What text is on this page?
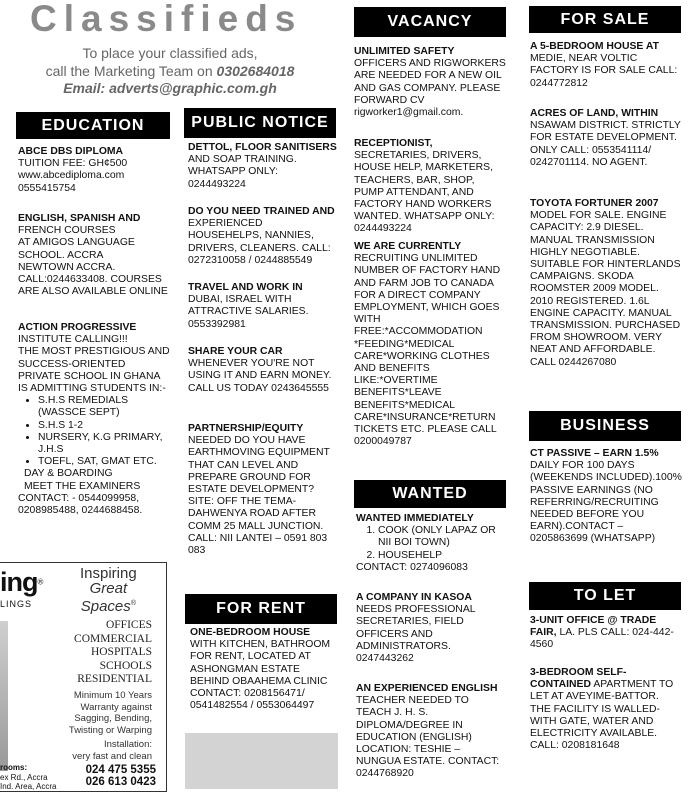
Classifieds
To place your classified ads,
call the Marketing Team on 0302684018
Email: adverts@graphic.com.gh
EDUCATION

ABCE DBS DIPLOMA

TUITION FEE: GH¢500

www.abcediploma.com

0555415754

ENGLISH, SPANISH AND

FRENCH COURSES

AT AMIGOS LANGUAGE

SCHOOL. ACCRA

NEWTOWN ACCRA.

CALL:0244633408. COURSES

ARE ALSO AVAILABLE ONLINE

ACTION PROGRESSIVE

INSTITUTE CALLING!!!

THE MOST PRESTIGIOUS AND

SUCCESS-ORIENTED

PRIVATE SCHOOL IN GHANA

IS ADMITTING STUDENTS IN:-

• S.H.S REMEDIALS (WASSCE SEPT)
• S.H.S 1-2
• NURSERY, K.G PRIMARY, J.H.S
• TOEFL, SAT, GMAT ETC.

DAY & BOARDING

MEET THE EXAMINERS

CONTACT: - 0544099958,

0208985488, 0244688458.

ing®
LINGS
Inspiring
Great
Spaces®
OFFICES
COMMERCIAL
HOSPITALS
SCHOOLS
RESIDENTIAL
Minimum 10 Years
Warranty against
Sagging, Bending,
Twisting or Warping
Installation:
very fast and clean
rooms:
ex Rd., Accra
Ind. Area, Accra
024 475 5355
026 613 0423
PUBLIC NOTICE
DETTOL, FLOOR SANITISERS AND SOAP TRAINING. WHATSAPP ONLY: 0244493224
DO YOU NEED TRAINED AND EXPERIENCED HOUSEHELPS, NANNIES, DRIVERS, CLEANERS. CALL: 0272310058 / 0244885549

TRAVEL AND WORK IN

DUBAI, ISRAEL WITH ATTRACTIVE SALARIES. 0553392981

SHARE YOUR CAR

WHENEVER YOU'RE NOT USING IT AND EARN MONEY. CALL US TODAY 0243645555

PARTNERSHIP/EQUITY

NEEDED DO YOU HAVE EARTHMOVING EQUIPMENT THAT CAN LEVEL AND PREPARE GROUND FOR ESTATE DEVELOPMENT? SITE: OFF THE TEMA-DAHWENYA ROAD AFTER COMM 25 MALL JUNCTION. CALL: NII LANTEI – 0591 803 083

FOR RENT

ONE-BEDROOM HOUSE

WITH KITCHEN, BATHROOM FOR RENT, LOCATED AT ASHONGMAN ESTATE BEHIND OBAAHEMA CLINIC CONTACT: 0208156471/ 0541482554 / 0553064497

VACANCY

UNLIMITED SAFETY

OFFICERS AND RIGWORKERS ARE NEEDED FOR A NEW OIL AND GAS COMPANY. PLEASE FORWARD CV

rigworker1@gmail.com.

RECEPTIONIST,

SECRETARIES, DRIVERS, HOUSE HELP, MARKETERS, TEACHERS, BAR, SHOP, PUMP ATTENDANT, AND FACTORY HAND WORKERS WANTED. WHATSAPP ONLY: 0244493224

WE ARE CURRENTLY

RECRUITING UNLIMITED NUMBER OF FACTORY HAND AND FARM JOB TO CANADA FOR A DIRECT COMPANY EMPLOYMENT, WHICH GOES WITH FREE:*ACCOMMODATION *FEEDING*MEDICAL CARE*WORKING CLOTHES AND BENEFITS LIKE:*OVERTIME BENEFITS*LEAVE BENEFITS*MEDICAL CARE*INSURANCE*RETURN TICKETS ETC. PLEASE CALL 0200049787

WANTED

WANTED IMMEDIATELY

1. COOK (ONLY LAPAZ OR NII BOI TOWN)
2. HOUSEHELP

CONTACT: 0274096083

A COMPANY IN KASOA

NEEDS PROFESSIONAL SECRETARIES, FIELD OFFICERS AND ADMINISTRATORS. 0247443262

AN EXPERIENCED ENGLISH

TEACHER NEEDED TO TEACH J. H. S. DIPLOMA/DEGREE IN EDUCATION (ENGLISH) LOCATION: TESHIE – NUNGUA ESTATE. CONTACT: 0244768920

FOR SALE

A 5-BEDROOM HOUSE AT

MEDIE, NEAR VOLTIC FACTORY IS FOR SALE CALL: 0244772812

ACRES OF LAND, WITHIN

NSAWAM DISTRICT. STRICTLY FOR ESTATE DEVELOPMENT. ONLY CALL: 0553541114/ 0242701114. NO AGENT.

TOYOTA FORTUNER 2007

MODEL FOR SALE. ENGINE CAPACITY: 2.9 DIESEL. MANUAL TRANSMISSION HIGHLY NEGOTIABLE. SUITABLE FOR HINTERLANDS CAMPAIGNS. SKODA ROOMSTER 2009 MODEL. 2010 REGISTERED. 1.6L ENGINE CAPACITY. MANUAL TRANSMISSION. PURCHASED FROM SHOWROOM. VERY NEAT AND AFFORDABLE. CALL 0244267080

BUSINESS

CT PASSIVE – EARN 1.5%

DAILY FOR 100 DAYS (WEEKENDS INCLUDED).100% PASSIVE EARNINGS (NO REFERRING/RECRUITING NEEDED BEFORE YOU EARN).CONTACT – 0205863699 (WHATSAPP)

TO LET
3-UNIT OFFICE @ TRADE FAIR, LA. PLS CALL: 024-442-4560
3-BEDROOM SELF-CONTAINED APARTMENT TO LET AT AVEYIME-BATTOR. THE FACILITY IS WALLED-WITH GATE, WATER AND ELECTRICITY AVAILABLE. CALL: 0208181648
